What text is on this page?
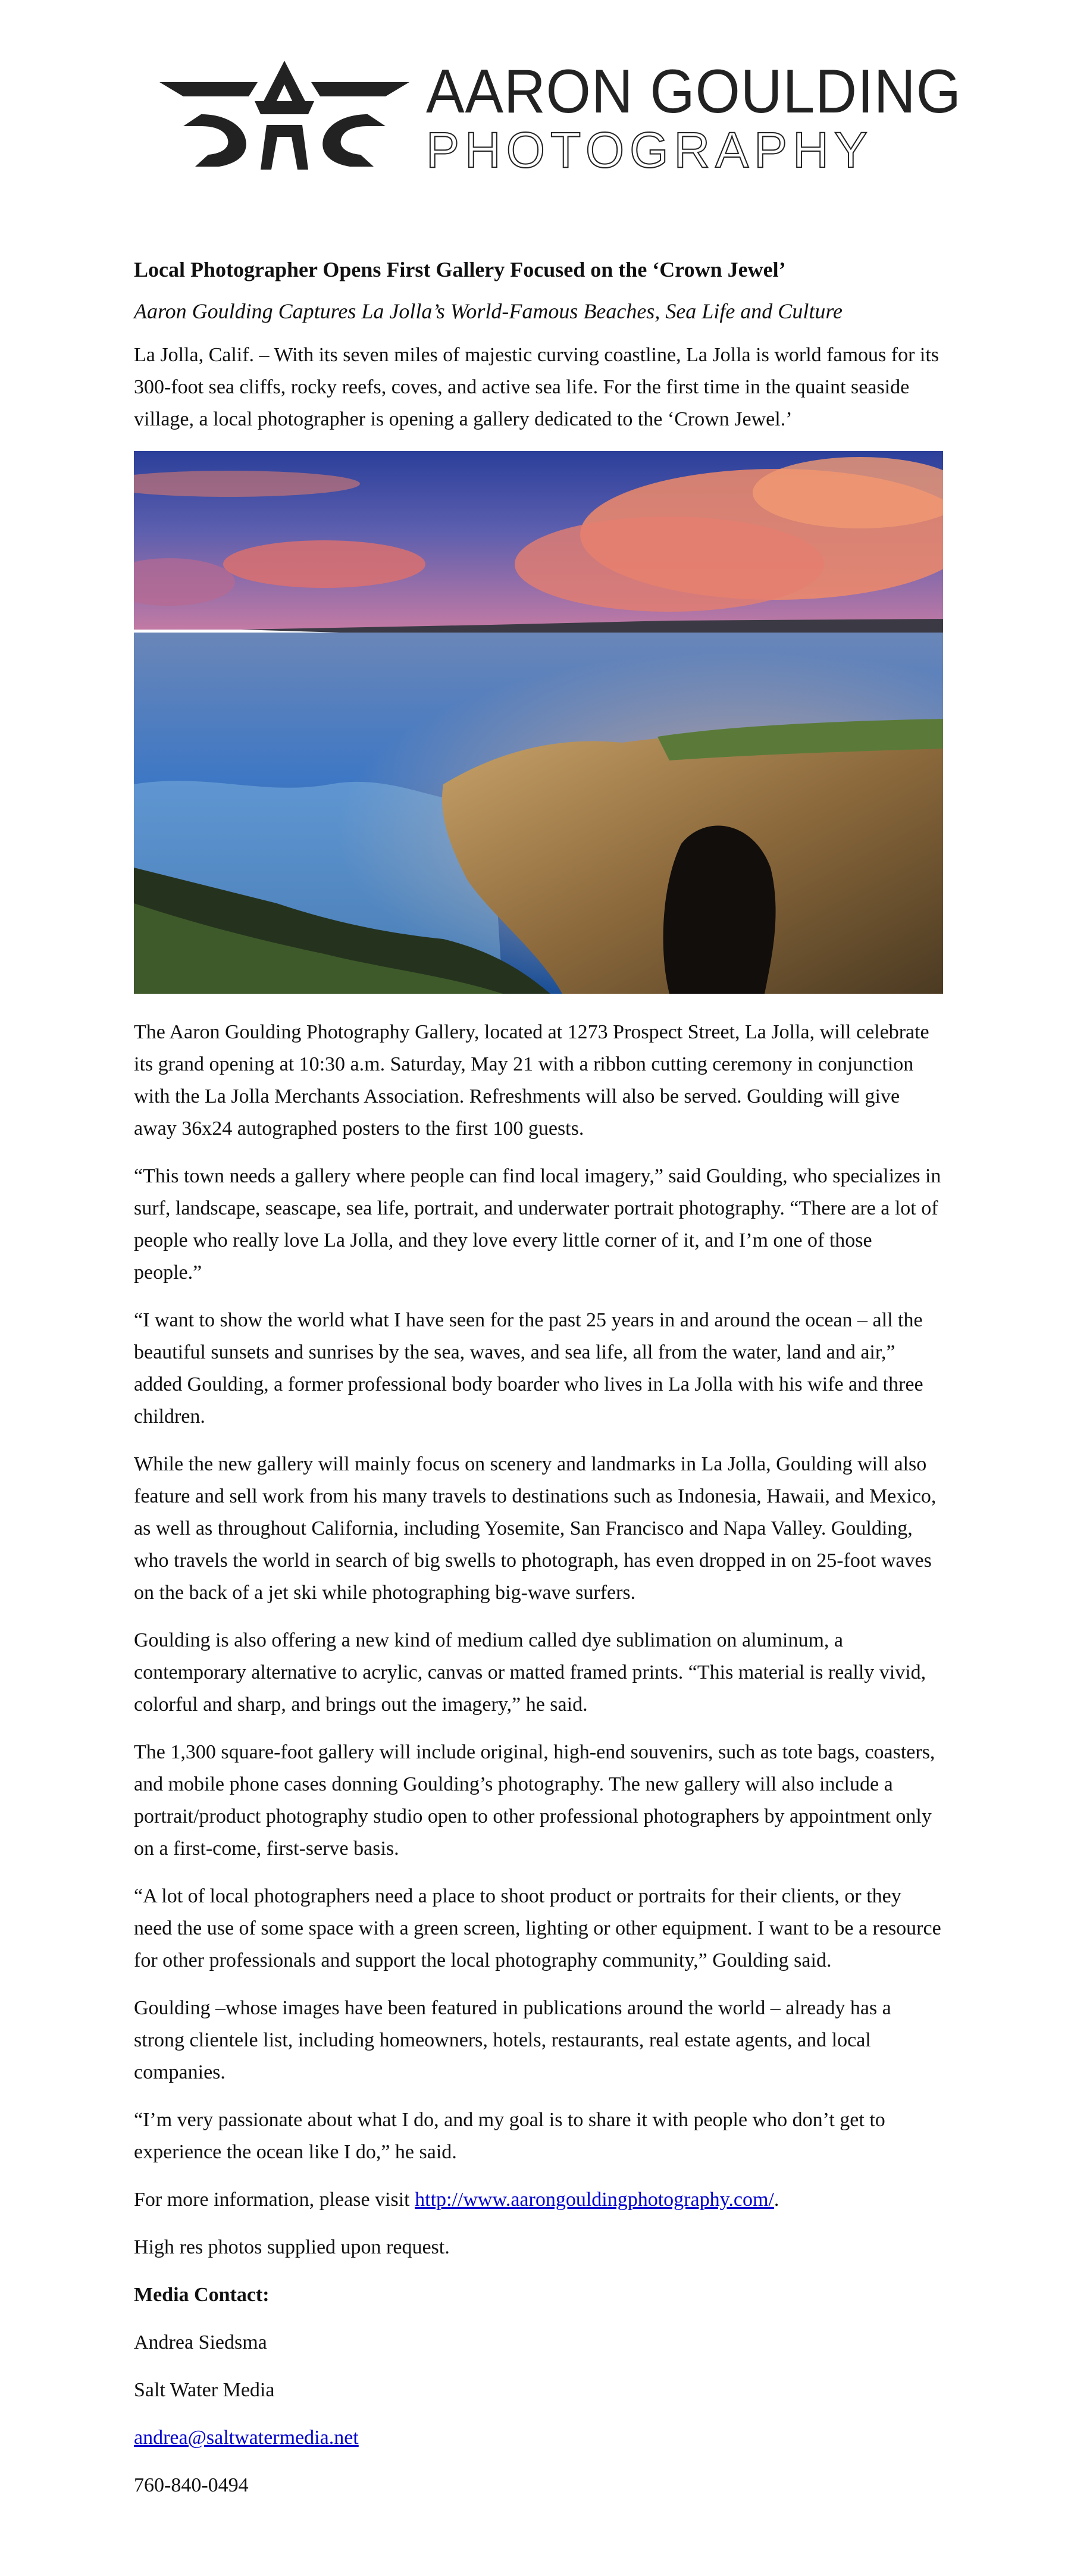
AARON GOULDING
PHOTOGRAPHY
Local Photographer Opens First Gallery Focused on the ‘Crown Jewel’
Aaron Goulding Captures La Jolla’s World-Famous Beaches, Sea Life and Culture

La Jolla, Calif. – With its seven miles of majestic curving coastline, La Jolla is world famous for its 300-foot sea cliffs, rocky reefs, coves, and active sea life. For the first time in the quaint seaside village, a local photographer is opening a gallery dedicated to the ‘Crown Jewel.’

The Aaron Goulding Photography Gallery, located at 1273 Prospect Street, La Jolla, will celebrate its grand opening at 10:30 a.m. Saturday, May 21 with a ribbon cutting ceremony in conjunction with the La Jolla Merchants Association. Refreshments will also be served. Goulding will give away 36x24 autographed posters to the first 100 guests.

“This town needs a gallery where people can find local imagery,” said Goulding, who specializes in surf, landscape, seascape, sea life, portrait, and underwater portrait photography. “There are a lot of people who really love La Jolla, and they love every little corner of it, and I’m one of those people.”

“I want to show the world what I have seen for the past 25 years in and around the ocean – all the beautiful sunsets and sunrises by the sea, waves, and sea life, all from the water, land and air,” added Goulding, a former professional body boarder who lives in La Jolla with his wife and three children.

While the new gallery will mainly focus on scenery and landmarks in La Jolla, Goulding will also feature and sell work from his many travels to destinations such as Indonesia, Hawaii, and Mexico, as well as throughout California, including Yosemite, San Francisco and Napa Valley. Goulding, who travels the world in search of big swells to photograph, has even dropped in on 25-foot waves on the back of a jet ski while photographing big-wave surfers.

Goulding is also offering a new kind of medium called dye sublimation on aluminum, a contemporary alternative to acrylic, canvas or matted framed prints. “This material is really vivid, colorful and sharp, and brings out the imagery,” he said.

The 1,300 square-foot gallery will include original, high-end souvenirs, such as tote bags, coasters, and mobile phone cases donning Goulding’s photography. The new gallery will also include a portrait/product photography studio open to other professional photographers by appointment only on a first-come, first-serve basis.

“A lot of local photographers need a place to shoot product or portraits for their clients, or they need the use of some space with a green screen, lighting or other equipment. I want to be a resource for other professionals and support the local photography community,” Goulding said.

Goulding –whose images have been featured in publications around the world – already has a strong clientele list, including homeowners, hotels, restaurants, real estate agents, and local companies.

“I’m very passionate about what I do, and my goal is to share it with people who don’t get to experience the ocean like I do,” he said.

For more information, please visit http://www.aarongouldingphotography.com/.

High res photos supplied upon request.

Media Contact:

Andrea Siedsma

Salt Water Media

andrea@saltwatermedia.net

760-840-0494
